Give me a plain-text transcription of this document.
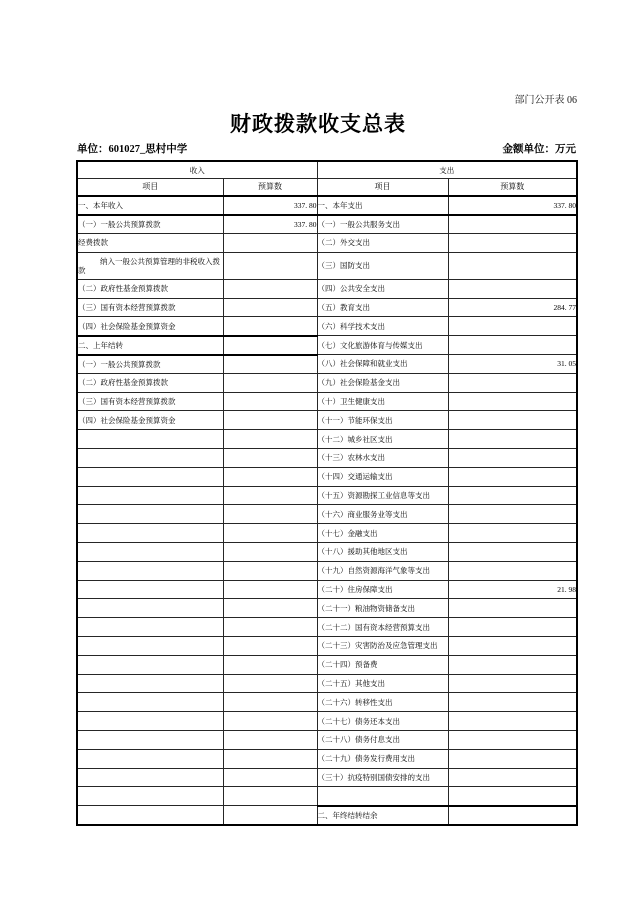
部门公开表 06
财政拨款收支总表
单位：601027_思村中学	金额单位：万元
收入		支出	
项目	预算数	项目	预算数
一、本年收入	337. 80	一、本年支出	337. 80
（一）一般公共预算拨款	337. 80	（一）一般公共服务支出	
经费拨款		（二）外交支出	
纳入一般公共预算管理的非税收入拨款		（三）国防支出	
（二）政府性基金预算拨款		（四）公共安全支出	
（三）国有资本经营预算拨款		（五）教育支出	284. 77
（四）社会保险基金预算资金		（六）科学技术支出	
二、上年结转		（七）文化旅游体育与传媒支出	
（一）一般公共预算拨款		（八）社会保障和就业支出	31. 05
（二）政府性基金预算拨款		（九）社会保险基金支出	
（三）国有资本经营预算拨款		（十）卫生健康支出	
（四）社会保险基金预算资金		（十一）节能环保支出	
		（十二）城乡社区支出	
		（十三）农林水支出	
		（十四）交通运输支出	
		（十五）资源勘探工业信息等支出	
		（十六）商业服务业等支出	
		（十七）金融支出	
		（十八）援助其他地区支出	
		（十九）自然资源海洋气象等支出	
		（二十）住房保障支出	21. 98
		（二十一）粮油物资储备支出	
		（二十二）国有资本经营预算支出	
		（二十三）灾害防治及应急管理支出	
		（二十四）预备费	
		（二十五）其他支出	
		（二十六）转移性支出	
		（二十七）债务还本支出	
		（二十八）债务付息支出	
		（二十九）债务发行费用支出	
		（三十）抗疫特别国债安排的支出	

		二、年终结转结余	
